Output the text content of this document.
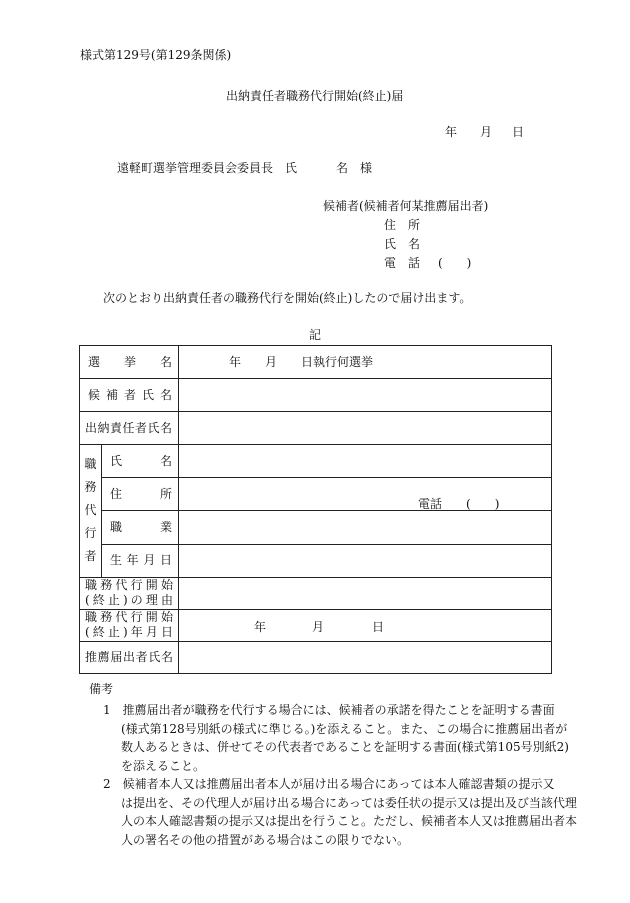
様式第129号(第129条関係)
出納責任者職務代行開始(終止)届
年 月 日
遠軽町選挙管理委員会委員長　氏	名　様
候補者(候補者何某推薦届出者)
住　所
氏　名
電　話 (　　)
次のとおり出納責任者の職務代行を開始(終止)したので届け出ます。
記
選挙名		年　　月　　日執行何選挙

候補者氏名		

出納責任者氏名		

職
務
代
行
者	氏名	

	住所	電話　　(　　)

	職業	

	生年月日	

職務代行開始
(終止)の理由		

職務代行開始
(終止)年月日		年 月 日

推薦届出者氏名		

備考

1　推薦届出者が職務を代行する場合には、候補者の承諾を得たことを証明する書面

(様式第128号別紙の様式に準じる。)を添えること。また、この場合に推薦届出者が

数人あるときは、併せてその代表者であることを証明する書面(様式第105号別紙2)

を添えること。

2　候補者本人又は推薦届出者本人が届け出る場合にあっては本人確認書類の提示又

は提出を、その代理人が届け出る場合にあっては委任状の提示又は提出及び当該代理

人の本人確認書類の提示又は提出を行うこと。ただし、候補者本人又は推薦届出者本

人の署名その他の措置がある場合はこの限りでない。
